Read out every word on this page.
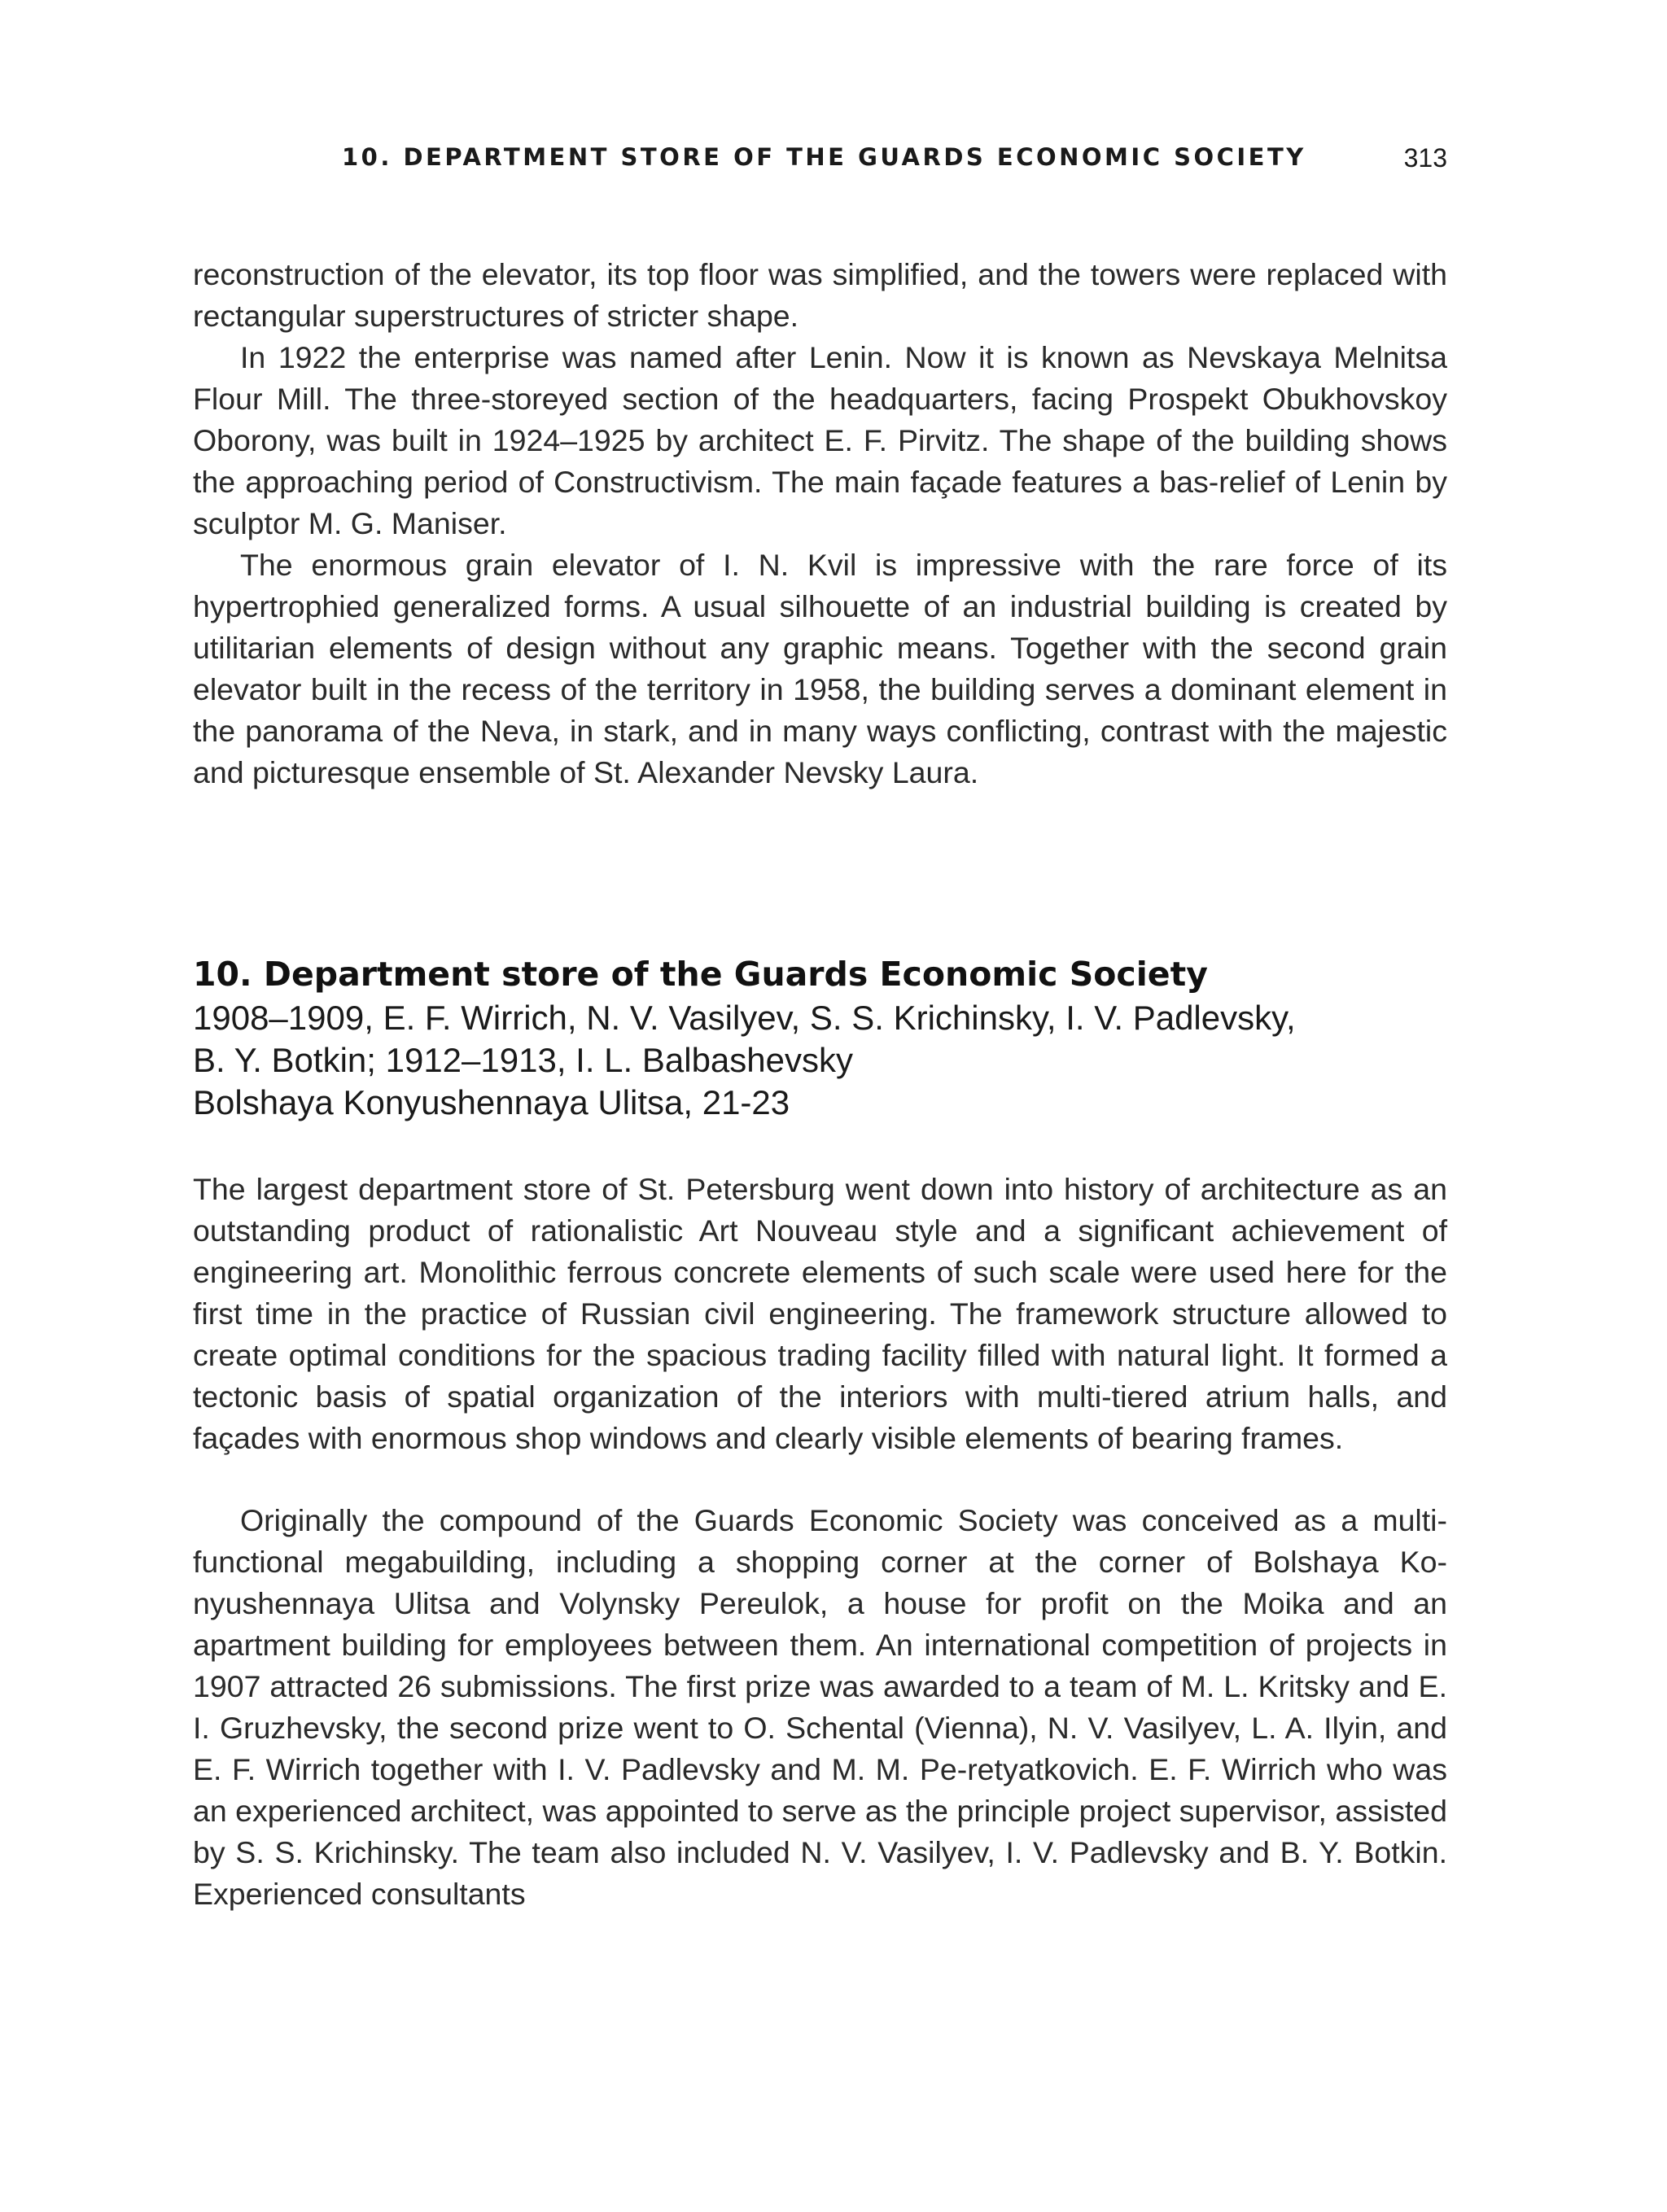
10. DEPARTMENT STORE OF THE GUARDS ECONOMIC SOCIETY	313

reconstruction of the elevator, its top floor was simplified, and the towers were replaced with rectangular superstructures of stricter shape.

In 1922 the enterprise was named after Lenin. Now it is known as Nevskaya Melnitsa Flour Mill. The three-storeyed section of the headquarters, facing Prospekt Obukhovskoy Oborony, was built in 1924–1925 by architect E. F. Pirvitz. The shape of the building shows the approaching period of Constructivism. The main façade features a bas-relief of Lenin by sculptor M. G. Maniser.

The enormous grain elevator of I. N. Kvil is impressive with the rare force of its hypertrophied generalized forms. A usual silhouette of an industrial building is created by utilitarian elements of design without any graphic means. Together with the second grain elevator built in the recess of the territory in 1958, the building serves a dominant element in the panorama of the Neva, in stark, and in many ways conflicting, contrast with the majestic and picturesque ensemble of St. Alexander Nevsky Laura.

10. Department store of the Guards Economic Society
1908–1909, E. F. Wirrich, N. V. Vasilyev, S. S. Krichinsky, I. V. Padlevsky,
B. Y. Botkin; 1912–1913, I. L. Balbashevsky
Bolshaya Konyushennaya Ulitsa, 21-23

The largest department store of St. Petersburg went down into history of architecture as an outstanding product of rationalistic Art Nouveau style and a significant achievement of engineering art. Monolithic ferrous concrete elements of such scale were used here for the first time in the practice of Russian civil engineering. The framework structure allowed to create optimal conditions for the spacious trading facility filled with natural light. It formed a tectonic basis of spatial organization of the interiors with multi-tiered atrium halls, and façades with enormous shop windows and clearly visible elements of bearing frames.

Originally the compound of the Guards Economic Society was conceived as a multi-functional megabuilding, including a shopping corner at the corner of Bolshaya Ko-nyushennaya Ulitsa and Volynsky Pereulok, a house for profit on the Moika and an apartment building for employees between them. An international competition of projects in 1907 attracted 26 submissions. The first prize was awarded to a team of M. L. Kritsky and E. I. Gruzhevsky, the second prize went to O. Schental (Vienna), N. V. Vasilyev, L. A. Ilyin, and E. F. Wirrich together with I. V. Padlevsky and M. M. Pe-retyatkovich. E. F. Wirrich who was an experienced architect, was appointed to serve as the principle project supervisor, assisted by S. S. Krichinsky. The team also included N. V. Vasilyev, I. V. Padlevsky and B. Y. Botkin. Experienced consultants
